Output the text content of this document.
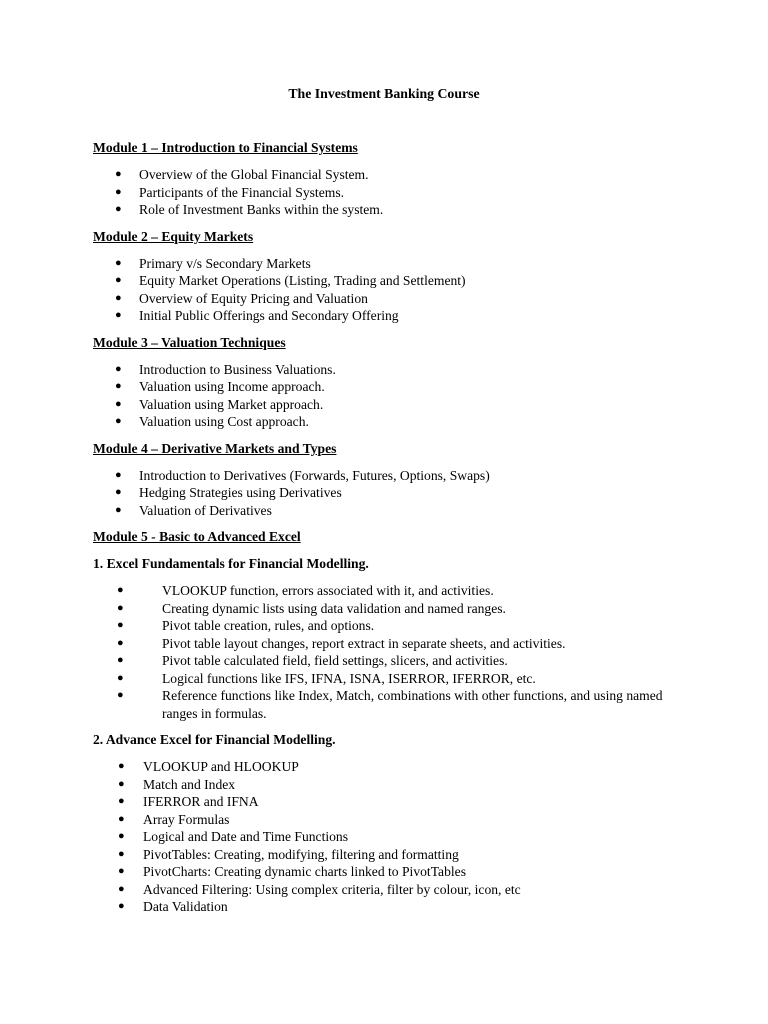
The Investment Banking Course

Module 1 – Introduction to Financial Systems

● Overview of the Global Financial System.
● Participants of the Financial Systems.
● Role of Investment Banks within the system.

Module 2 – Equity Markets

● Primary v/s Secondary Markets
● Equity Market Operations (Listing, Trading and Settlement)
● Overview of Equity Pricing and Valuation
● Initial Public Offerings and Secondary Offering

Module 3 – Valuation Techniques

● Introduction to Business Valuations.
● Valuation using Income approach.
● Valuation using Market approach.
● Valuation using Cost approach.

Module 4 – Derivative Markets and Types

● Introduction to Derivatives (Forwards, Futures, Options, Swaps)
● Hedging Strategies using Derivatives
● Valuation of Derivatives

Module 5 - Basic to Advanced Excel

1. Excel Fundamentals for Financial Modelling.

●	VLOOKUP function, errors associated with it, and activities.
●	Creating dynamic lists using data validation and named ranges.
●	Pivot table creation, rules, and options.
●	Pivot table layout changes, report extract in separate sheets, and activities.
●	Pivot table calculated field, field settings, slicers, and activities.
●	Logical functions like IFS, IFNA, ISNA, ISERROR, IFERROR, etc.
●	Reference functions like Index, Match, combinations with other functions, and using named ranges in formulas.

2. Advance Excel for Financial Modelling.

● VLOOKUP and HLOOKUP
● Match and Index
● IFERROR and IFNA
● Array Formulas
● Logical and Date and Time Functions
● PivotTables: Creating, modifying, filtering and formatting
● PivotCharts: Creating dynamic charts linked to PivotTables
● Advanced Filtering: Using complex criteria, filter by colour, icon, etc
● Data Validation
